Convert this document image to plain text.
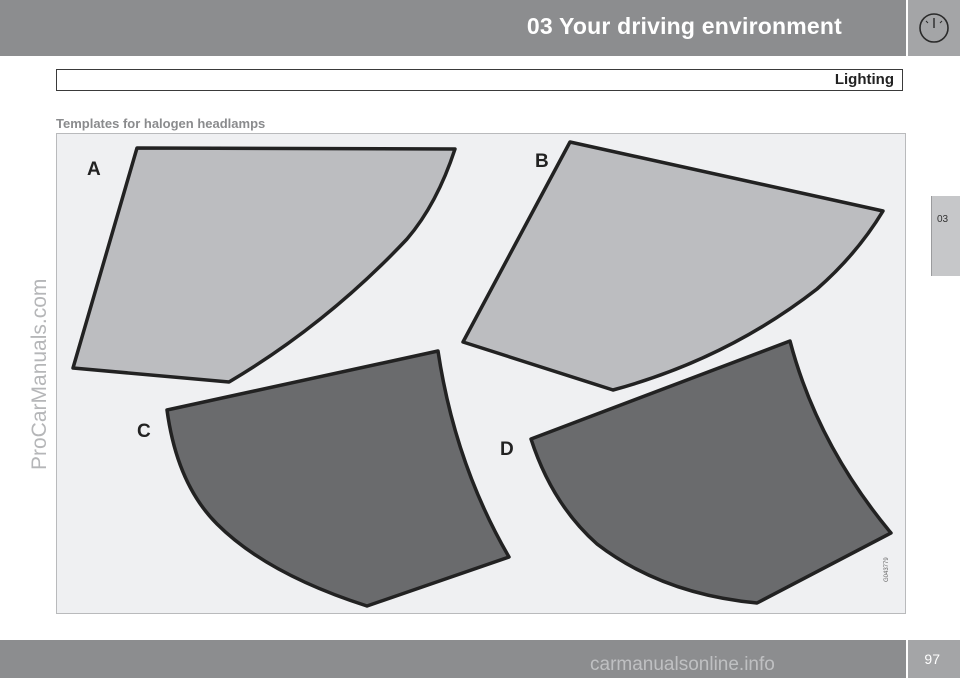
03 Your driving environment
Lighting
Templates for halogen headlamps
A	B
C
D
G043779
03
ProCarManuals.com
97
carmanualsonline.info
